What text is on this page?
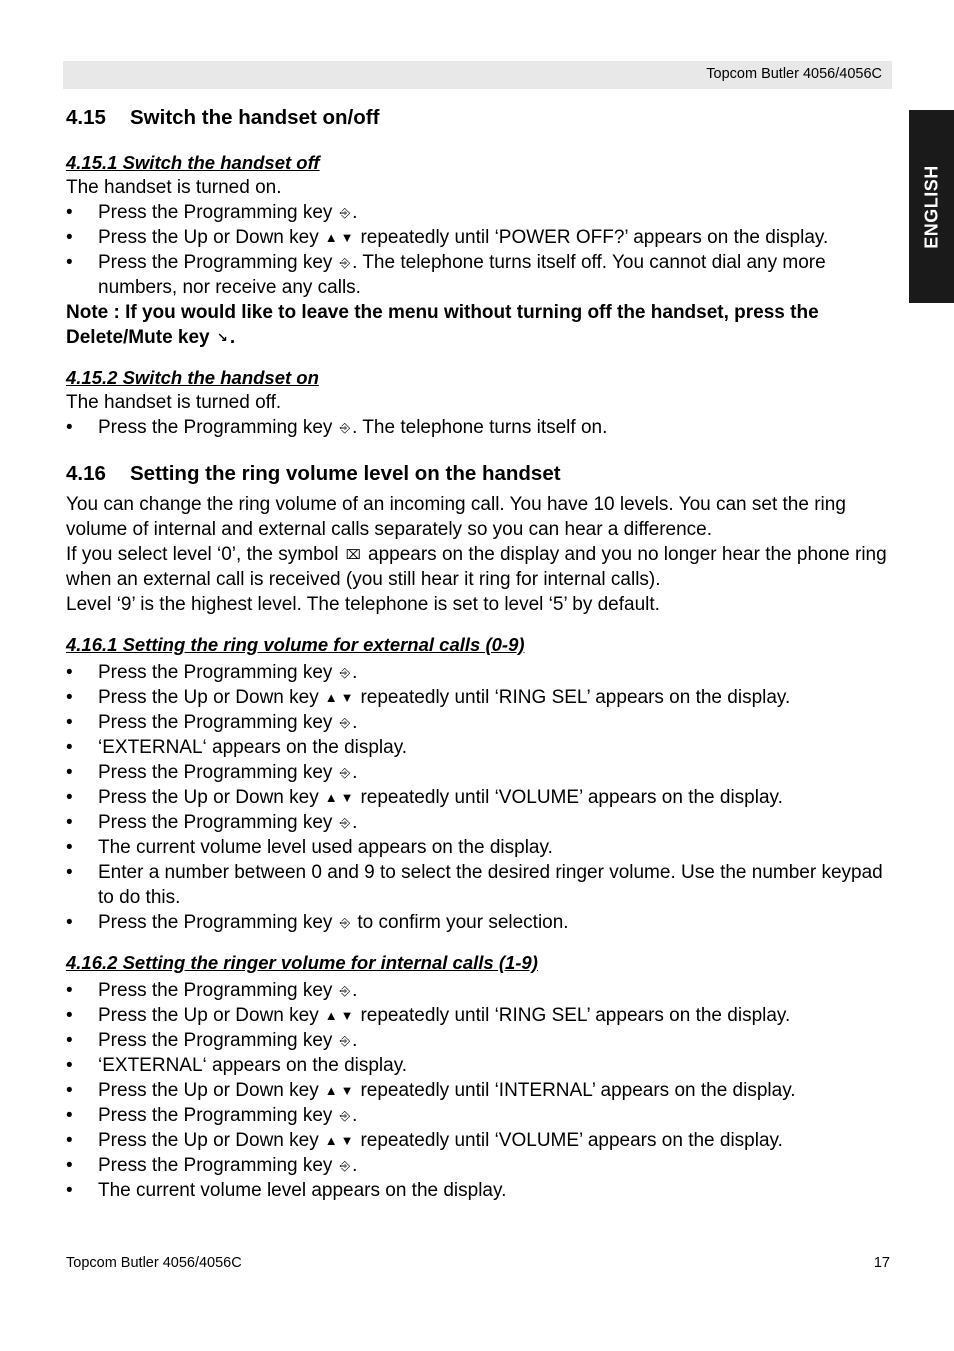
Topcom Butler 4056/4056C
ENGLISH
4.15 Switch the handset on/off
4.15.1 Switch the handset off

The handset is turned on.

• Press the Programming key ⎆ .
• Press the Up or Down key ▲▼ repeatedly until ‘POWER OFF?’ appears on the display.
• Press the Programming key ⎆ . The telephone turns itself off. You cannot dial any more numbers, nor receive any calls.

Note : If you would like to leave the menu without turning off the handset, press the Delete/Mute key ↘ .

4.15.2 Switch the handset on

The handset is turned off.

• Press the Programming key ⎆ . The telephone turns itself on.
4.16 Setting the ring volume level on the handset

You can change the ring volume of an incoming call. You have 10 levels. You can set the ring volume of internal and external calls separately so you can hear a difference.

If you select level ‘0’, the symbol ⌧ appears on the display and you no longer hear the phone ring when an external call is received (you still hear it ring for internal calls).

Level ‘9’ is the highest level. The telephone is set to level ‘5’ by default.

4.16.1 Setting the ring volume for external calls (0-9)
• Press the Programming key ⎆ .
• Press the Up or Down key ▲▼ repeatedly until ‘RING SEL’ appears on the display.
• Press the Programming key ⎆ .
• ‘EXTERNAL‘ appears on the display.
• Press the Programming key ⎆ .
• Press the Up or Down key ▲▼ repeatedly until ‘VOLUME’ appears on the display.
• Press the Programming key ⎆ .
• The current volume level used appears on the display.
• Enter a number between 0 and 9 to select the desired ringer volume. Use the number keypad to do this.
• Press the Programming key ⎆ to confirm your selection.
4.16.2 Setting the ringer volume for internal calls (1-9)
• Press the Programming key ⎆ .
• Press the Up or Down key ▲▼ repeatedly until ‘RING SEL’ appears on the display.
• Press the Programming key ⎆ .
• ‘EXTERNAL‘ appears on the display.
• Press the Up or Down key ▲▼ repeatedly until ‘INTERNAL’ appears on the display.
• Press the Programming key ⎆ .
• Press the Up or Down key ▲▼ repeatedly until ‘VOLUME’ appears on the display.
• Press the Programming key ⎆ .
• The current volume level appears on the display.
Topcom Butler 4056/4056C	17
